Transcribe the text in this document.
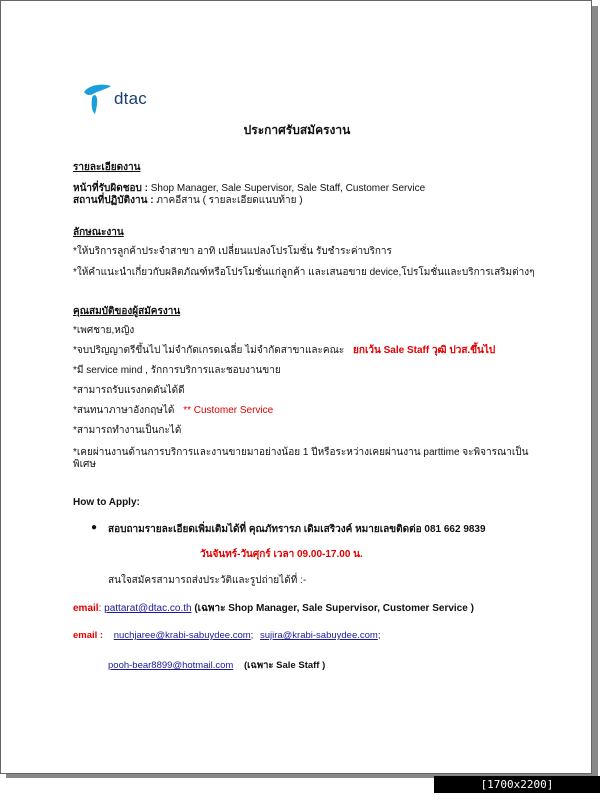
dtac
ประกาศรับสมัครงาน
รายละเอียดงาน
หน้าที่รับผิดชอบ : Shop Manager, Sale Supervisor, Sale Staff, Customer Service
สถานที่ปฏิบัติงาน : ภาคอีสาน ( รายละเอียดแนบท้าย )
ลักษณะงาน
*ให้บริการลูกค้าประจำสาขา อาทิ เปลี่ยนแปลงโปรโมชั่น รับชำระค่าบริการ
*ให้คำแนะนำเกี่ยวกับผลิตภัณฑ์หรือโปรโมชั่นแก่ลูกค้า และเสนอขาย device,โปรโมชั่นและบริการเสริมต่างๆ
คุณสมบัติของผู้สมัครงาน
*เพศชาย,หญิง
*จบปริญญาตรีขึ้นไป ไม่จำกัดเกรดเฉลี่ย ไม่จำกัดสาขาและคณะ ยกเว้น Sale Staff วุฒิ ปวส.ขึ้นไป
*มี service mind , รักการบริการและชอบงานขาย
*สามารถรับแรงกดดันได้ดี
*สนทนาภาษาอังกฤษได้ ** Customer Service
*สามารถทำงานเป็นกะได้
*เคยผ่านงานด้านการบริการและงานขายมาอย่างน้อย 1 ปีหรือระหว่างเคยผ่านงาน parttime จะพิจารณาเป็น
พิเศษ
How to Apply:
● สอบถามรายละเอียดเพิ่มเติมได้ที่ คุณภัทรารภ เดิมเสริวงค์ หมายเลขติดต่อ 081 662 9839
วันจันทร์-วันศุกร์ เวลา 09.00-17.00 น.
สนใจสมัครสามารถส่งประวัติและรูปถ่ายได้ที่ :-
email: pattarat@dtac.co.th (เฉพาะ Shop Manager, Sale Supervisor, Customer Service )
email : nuchjaree@krabi-sabuydee.com; sujira@krabi-sabuydee.com;
pooh-bear8899@hotmail.com (เฉพาะ Sale Staff )
[1700x2200] http://upic.me/
